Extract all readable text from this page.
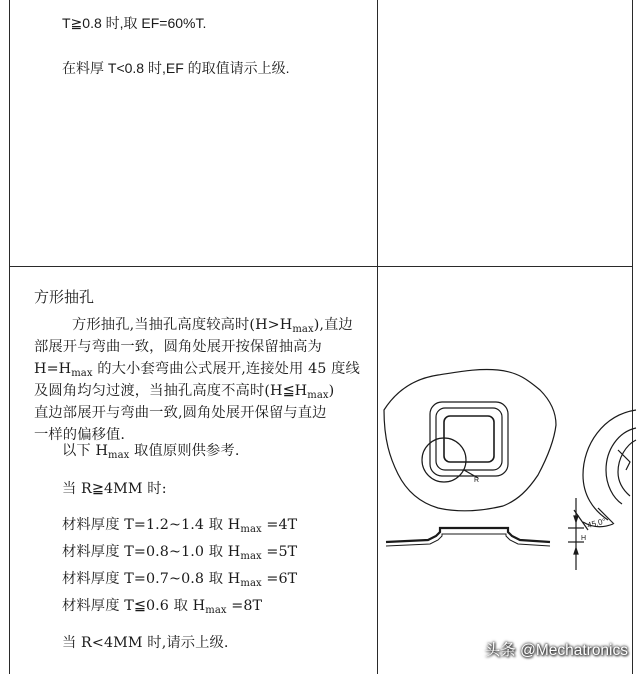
T≧0.8 时,取 EF=60%T.
在料厚 T<0.8 时,EF 的取值请示上级.
方形抽孔
方形抽孔,当抽孔高度较高时$(H>H_{max})$,直边
部展开与弯曲一致，圆角处展开按保留抽高为
$H=H_{max}$ 的大小套弯曲公式展开,连接处用 45 度线
及圆角均匀过渡，当抽孔高度不高时$(H≦H_{max})$
直边部展开与弯曲一致,圆角处展开保留与直边
一样的偏移值.
以下 $H_{max}$ 取值原则供参考.
当 R≧4MM 时:
材料厚度 T=1.2~1.4 取 $H_{max} =4T$
材料厚度 T=0.8~1.0 取 $H_{max} =5T$
材料厚度 T=0.7~0.8 取 $H_{max} =6T$
材料厚度 T≦0.6 取 $H_{max} =8T$
当 R<4MM 时,请示上级.
R
45.0°
H
头条 @Mechatronics
